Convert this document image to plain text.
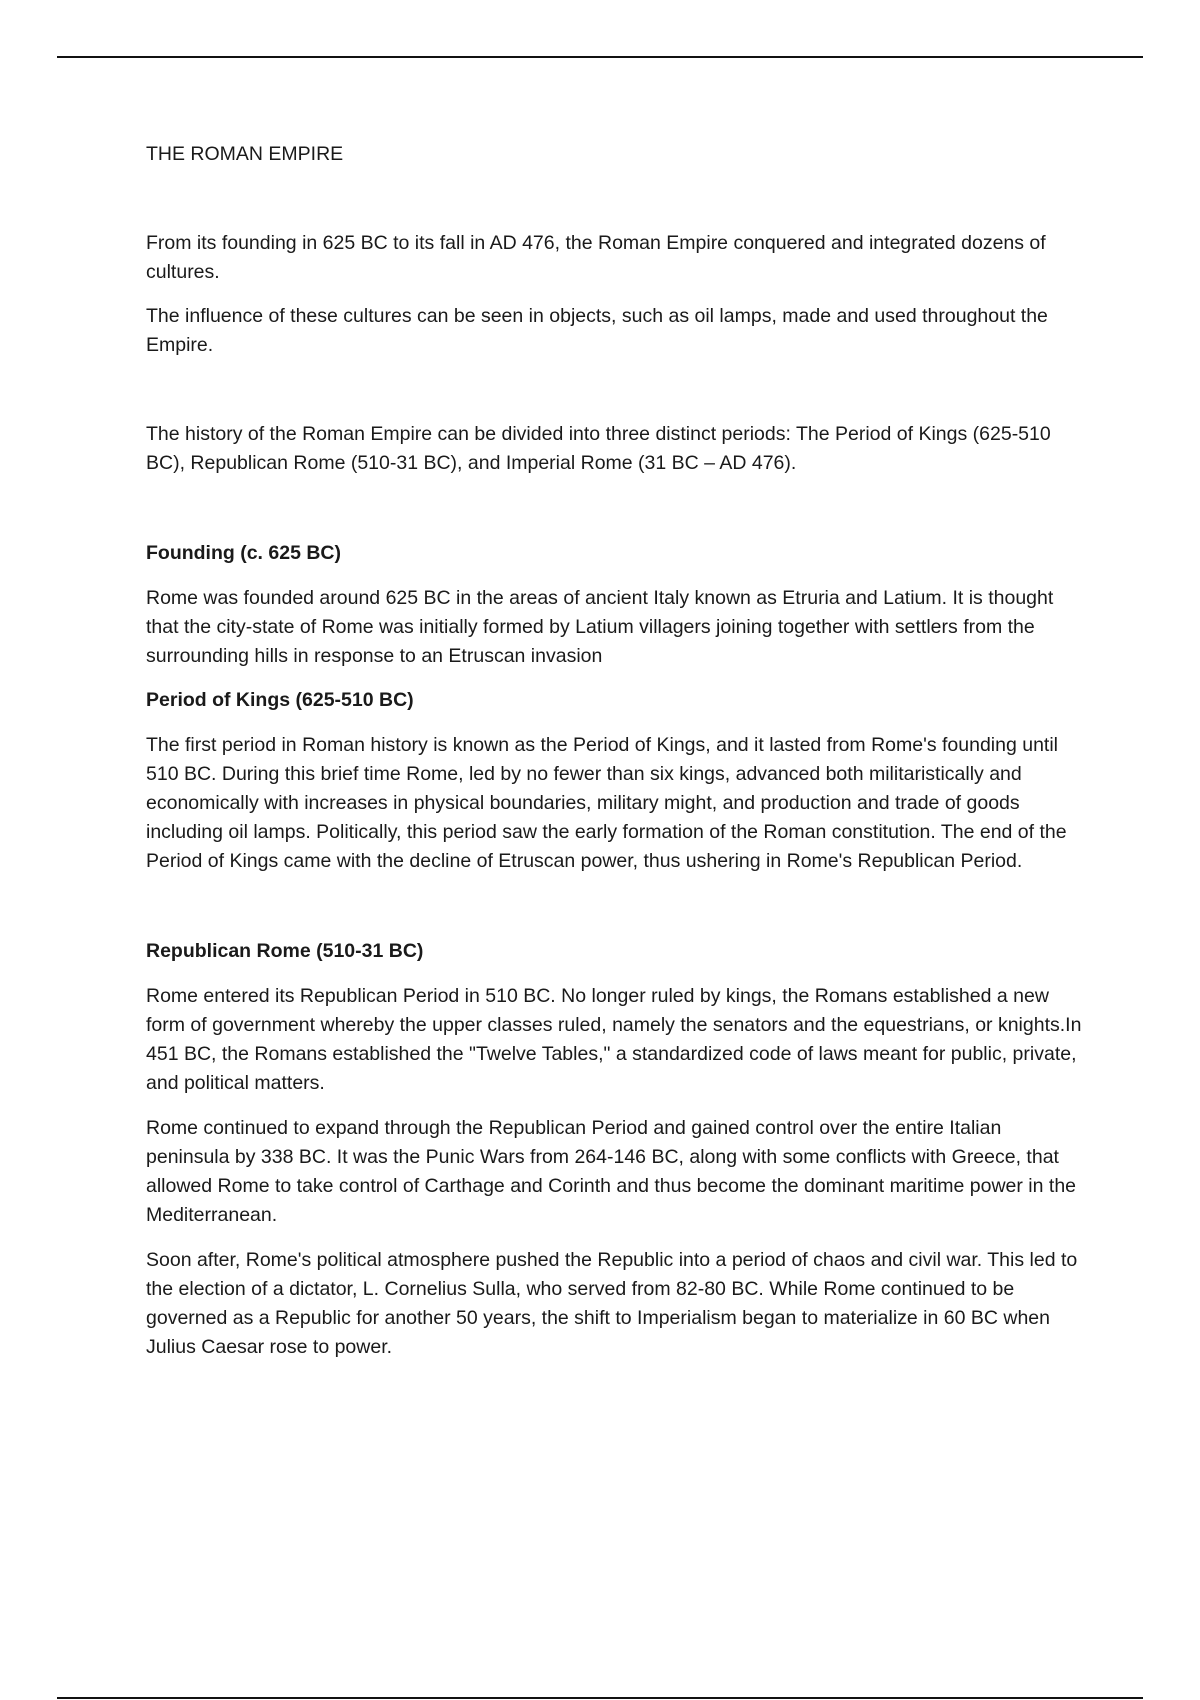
THE ROMAN EMPIRE

From its founding in 625 BC to its fall in AD 476, the Roman Empire conquered and integrated dozens of cultures.

The influence of these cultures can be seen in objects, such as oil lamps, made and used throughout the Empire.

The history of the Roman Empire can be divided into three distinct periods: The Period of Kings (625-510 BC), Republican Rome (510-31 BC), and Imperial Rome (31 BC – AD 476).

Founding (c. 625 BC)

Rome was founded around 625 BC in the areas of ancient Italy known as Etruria and Latium. It is thought that the city-state of Rome was initially formed by Latium villagers joining together with settlers from the surrounding hills in response to an Etruscan invasion

Period of Kings (625-510 BC)

The first period in Roman history is known as the Period of Kings, and it lasted from Rome's founding until 510 BC. During this brief time Rome, led by no fewer than six kings, advanced both militaristically and economically with increases in physical boundaries, military might, and production and trade of goods including oil lamps. Politically, this period saw the early formation of the Roman constitution. The end of the Period of Kings came with the decline of Etruscan power, thus ushering in Rome's Republican Period.

Republican Rome (510-31 BC)

Rome entered its Republican Period in 510 BC. No longer ruled by kings, the Romans established a new form of government whereby the upper classes ruled, namely the senators and the equestrians, or knights.In 451 BC, the Romans established the "Twelve Tables," a standardized code of laws meant for public, private, and political matters.

Rome continued to expand through the Republican Period and gained control over the entire Italian peninsula by 338 BC. It was the Punic Wars from 264-146 BC, along with some conflicts with Greece, that allowed Rome to take control of Carthage and Corinth and thus become the dominant maritime power in the Mediterranean.

Soon after, Rome's political atmosphere pushed the Republic into a period of chaos and civil war. This led to the election of a dictator, L. Cornelius Sulla, who served from 82-80 BC. While Rome continued to be governed as a Republic for another 50 years, the shift to Imperialism began to materialize in 60 BC when Julius Caesar rose to power.
